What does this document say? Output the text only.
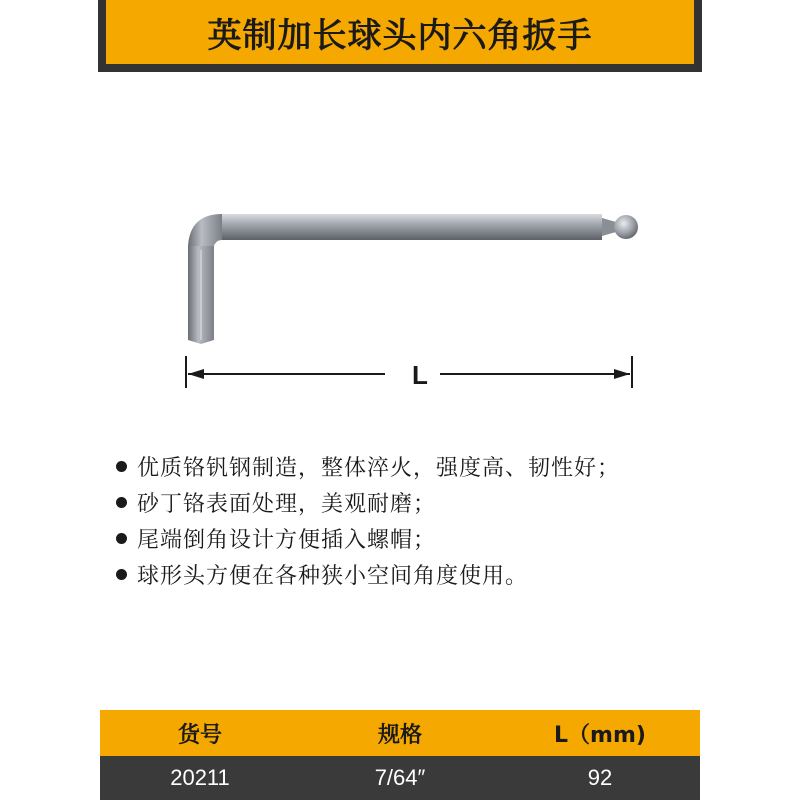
英制加长球头内六角扳手
L
优质铬钒钢制造，整体淬火，强度高、韧性好；
砂丁铬表面处理，美观耐磨；
尾端倒角设计方便插入螺帽；
球形头方便在各种狭小空间角度使用。
货号	规格	L（mm)
20211	7/64″	92
